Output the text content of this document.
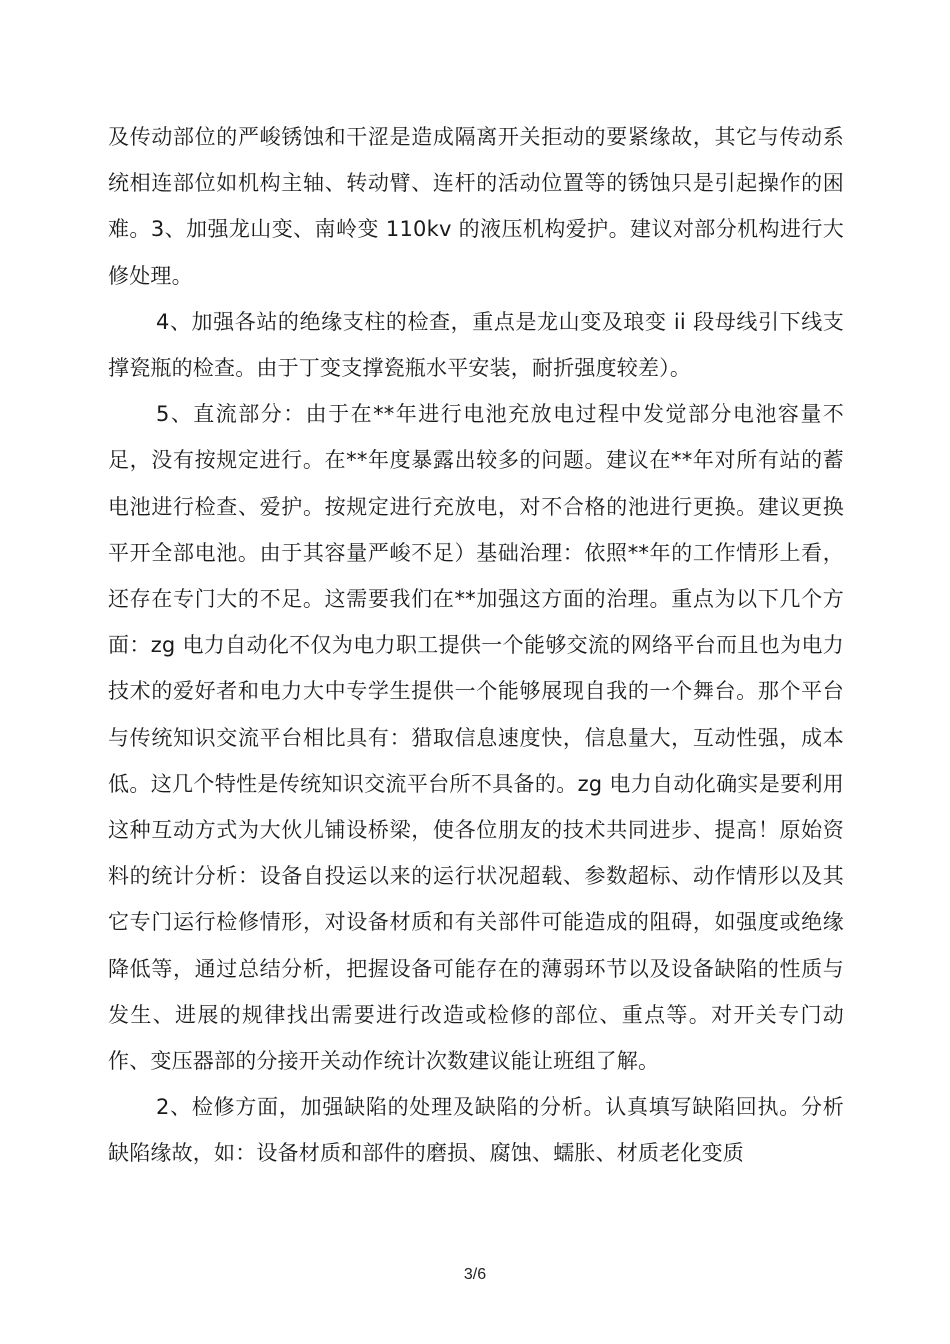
及传动部位的严峻锈蚀和干涩是造成隔离开关拒动的要紧缘故，其它与传动系统相连部位如机构主轴、转动臂、连杆的活动位置等的锈蚀只是引起操作的困难。3、加强龙山变、南岭变 110kv 的液压机构爱护。建议对部分机构进行大修处理。

4、加强各站的绝缘支柱的检查，重点是龙山变及琅变 ii 段母线引下线支撑瓷瓶的检查。由于丁变支撑瓷瓶水平安装，耐折强度较差）。

5、直流部分：由于在**年进行电池充放电过程中发觉部分电池容量不足，没有按规定进行。在**年度暴露出较多的问题。建议在**年对所有站的蓄电池进行检查、爱护。按规定进行充放电，对不合格的池进行更换。建议更换平开全部电池。由于其容量严峻不足）基础治理：依照**年的工作情形上看，还存在专门大的不足。这需要我们在**加强这方面的治理。重点为以下几个方面：zg 电力自动化不仅为电力职工提供一个能够交流的网络平台而且也为电力技术的爱好者和电力大中专学生提供一个能够展现自我的一个舞台。那个平台与传统知识交流平台相比具有：猎取信息速度快，信息量大，互动性强，成本低。这几个特性是传统知识交流平台所不具备的。zg 电力自动化确实是要利用这种互动方式为大伙儿铺设桥梁，使各位朋友的技术共同进步、提高！原始资料的统计分析：设备自投运以来的运行状况超载、参数超标、动作情形以及其它专门运行检修情形，对设备材质和有关部件可能造成的阻碍，如强度或绝缘降低等，通过总结分析，把握设备可能存在的薄弱环节以及设备缺陷的性质与发生、进展的规律找出需要进行改造或检修的部位、重点等。对开关专门动作、变压器部的分接开关动作统计次数建议能让班组了解。

2、检修方面，加强缺陷的处理及缺陷的分析。认真填写缺陷回执。分析缺陷缘故，如：设备材质和部件的磨损、腐蚀、蠕胀、材质老化变质

3/6
